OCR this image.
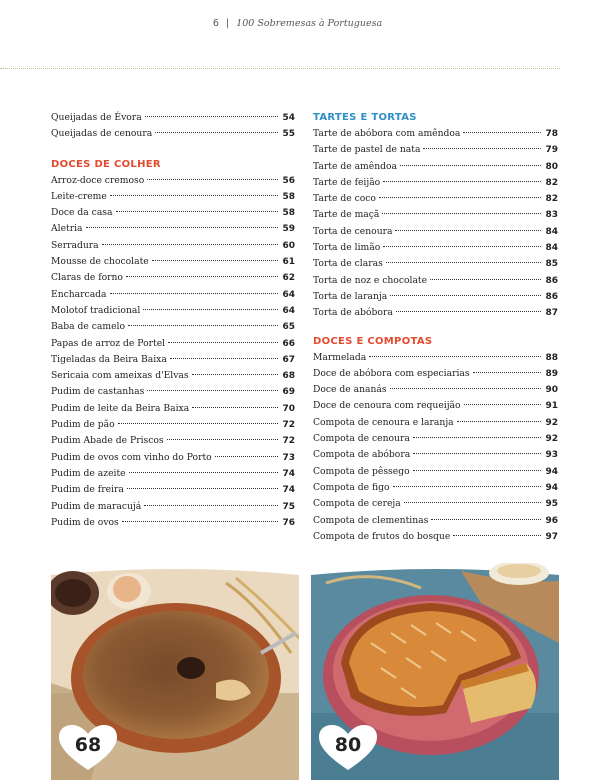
6 | 100 Sobremesas à Portuguesa
Queijadas de Évora	54
Queijadas de cenoura	55
DOCES DE COLHER
Arroz-doce cremoso	56
Leite-creme	58
Doce da casa	58
Aletria	59
Serradura	60
Mousse de chocolate	61
Claras de forno	62
Encharcada	64
Molotof tradicional	64
Baba de camelo	65
Papas de arroz de Portel	66
Tigeladas da Beira Baixa	67
Sericaia com ameixas d'Elvas	68
Pudim de castanhas	69
Pudim de leite da Beira Baixa	70
Pudim de pão	72
Pudim Abade de Priscos	72
Pudim de ovos com vinho do Porto	73
Pudim de azeite	74
Pudim de freira	74
Pudim de maracujá	75
Pudim de ovos	76
TARTES E TORTAS
Tarte de abóbora com amêndoa	78
Tarte de pastel de nata	79
Tarte de amêndoa	80
Tarte de feijão	82
Tarte de coco	82
Tarte de maçã	83
Torta de cenoura	84
Torta de limão	84
Torta de claras	85
Torta de noz e chocolate	86
Torta de laranja	86
Torta de abóbora	87
DOCES E COMPOTAS
Marmelada	88
Doce de abóbora com especiarias	89
Doce de ananás	90
Doce de cenoura com requeijão	91
Compota de cenoura e laranja	92
Compota de cenoura	92
Compota de abóbora	93
Compota de pêssego	94
Compota de figo	94
Compota de cereja	95
Compota de clementinas	96
Compota de frutos do bosque	97
68	80
